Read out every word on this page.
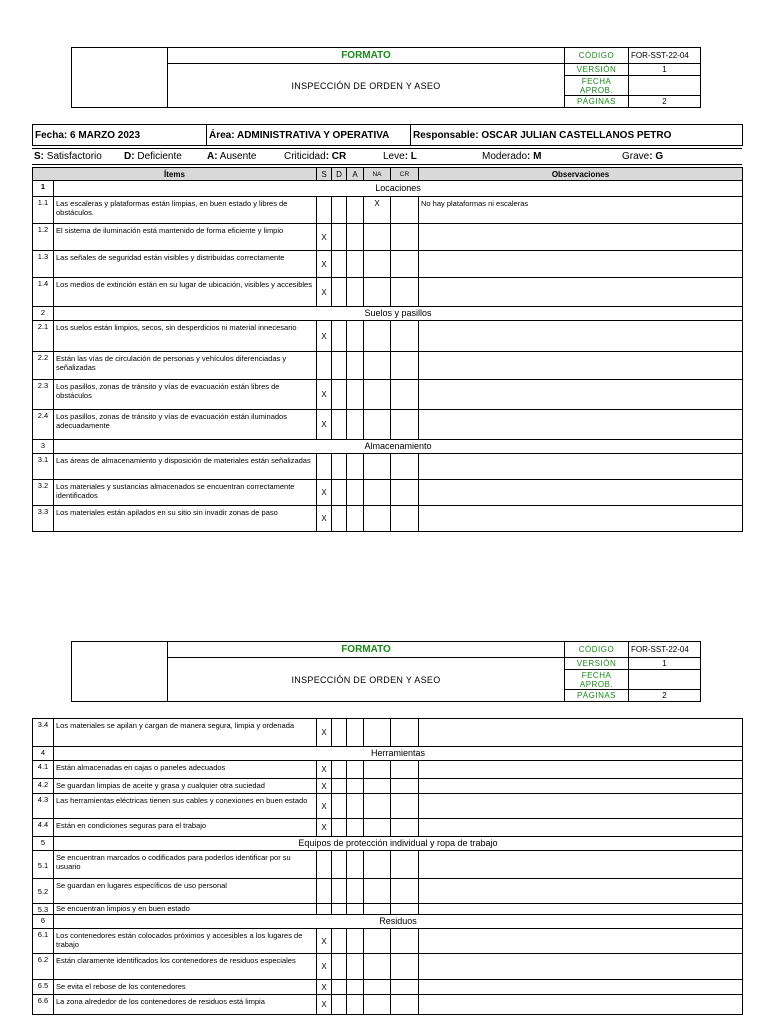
	FORMATO	CÓDIGO	FOR-SST-22-04
	INSPECCIÓN DE ORDEN Y ASEO	VERSIÓN	1
		FECHA APROB.	
		PÁGINAS	2
Fecha: 6 MARZO 2023	Área: ADMINISTRATIVA Y OPERATIVA	Responsable: OSCAR JULIAN CASTELLANOS PETRO
S: Satisfactorio	D: Deficiente	A: Ausente	Criticidad: CR	Leve: L	Moderado: M	Grave: G
Ítems		S	D	A	NA	CR	Observaciones
1	Locaciones						
1.1	Las escaleras y plataformas están limpias, en buen estado y libres de obstáculos.				X		No hay plataformas ni escaleras
1.2	El sistema de iluminación está mantenido de forma eficiente y limpio	X					
1.3	Las señales de seguridad están visibles y distribuidas correctamente	X					
1.4	Los medios de extinción están en su lugar de ubicación, visibles y accesibles	X					
2	Suelos y pasillos						
2.1	Los suelos están limpios, secos, sin desperdicios ni material innecesario	X					
2.2	Están las vías de circulación de personas y vehículos diferenciadas y señalizadas						
2.3	Los pasillos, zonas de tránsito y vías de evacuación están libres de obstáculos	X					
2.4	Los pasillos, zonas de tránsito y vías de evacuación están iluminados adecuadamente	X					
3	Almacenamiento						
3.1	Las áreas de almacenamiento y disposición de materiales están señalizadas						
3.2	Los materiales y sustancias almacenados se encuentran correctamente identificados	X					
3.3	Los materiales están apilados en su sitio sin invadir zonas de paso	X					
	FORMATO	CÓDIGO	FOR-SST-22-04
	INSPECCIÓN DE ORDEN Y ASEO	VERSIÓN	1
		FECHA APROB.	
		PÁGINAS	2
3.4	Los materiales se apilan y cargan de manera segura, limpia y ordenada	X					
4	Herramientas						
4.1	Están almacenadas en cajas o paneles adecuados	X					
4.2	Se guardan limpias de aceite y grasa y cualquier otra suciedad	X					
4.3	Las herramientas eléctricas tienen sus cables y conexiones en buen estado	X					
4.4	Están en condiciones seguras para el trabajo	X					
5	Equipos de protección individual y ropa de trabajo						
5.1	Se encuentran marcados o codificados para poderlos identificar por su usuario						
5.2	Se guardan en lugares específicos de uso personal						
5.3	Se encuentran limpios y en buen estado						
6	Residuos						
6.1	Los contenedores están colocados próximos y accesibles a los lugares de trabajo	X					
6.2	Están claramente identificados los contenedores de residuos especiales	X					
6.5	Se evita el rebose de los contenedores	X					
6.6	La zona alrededor de los contenedores de residuos está limpia	X					
